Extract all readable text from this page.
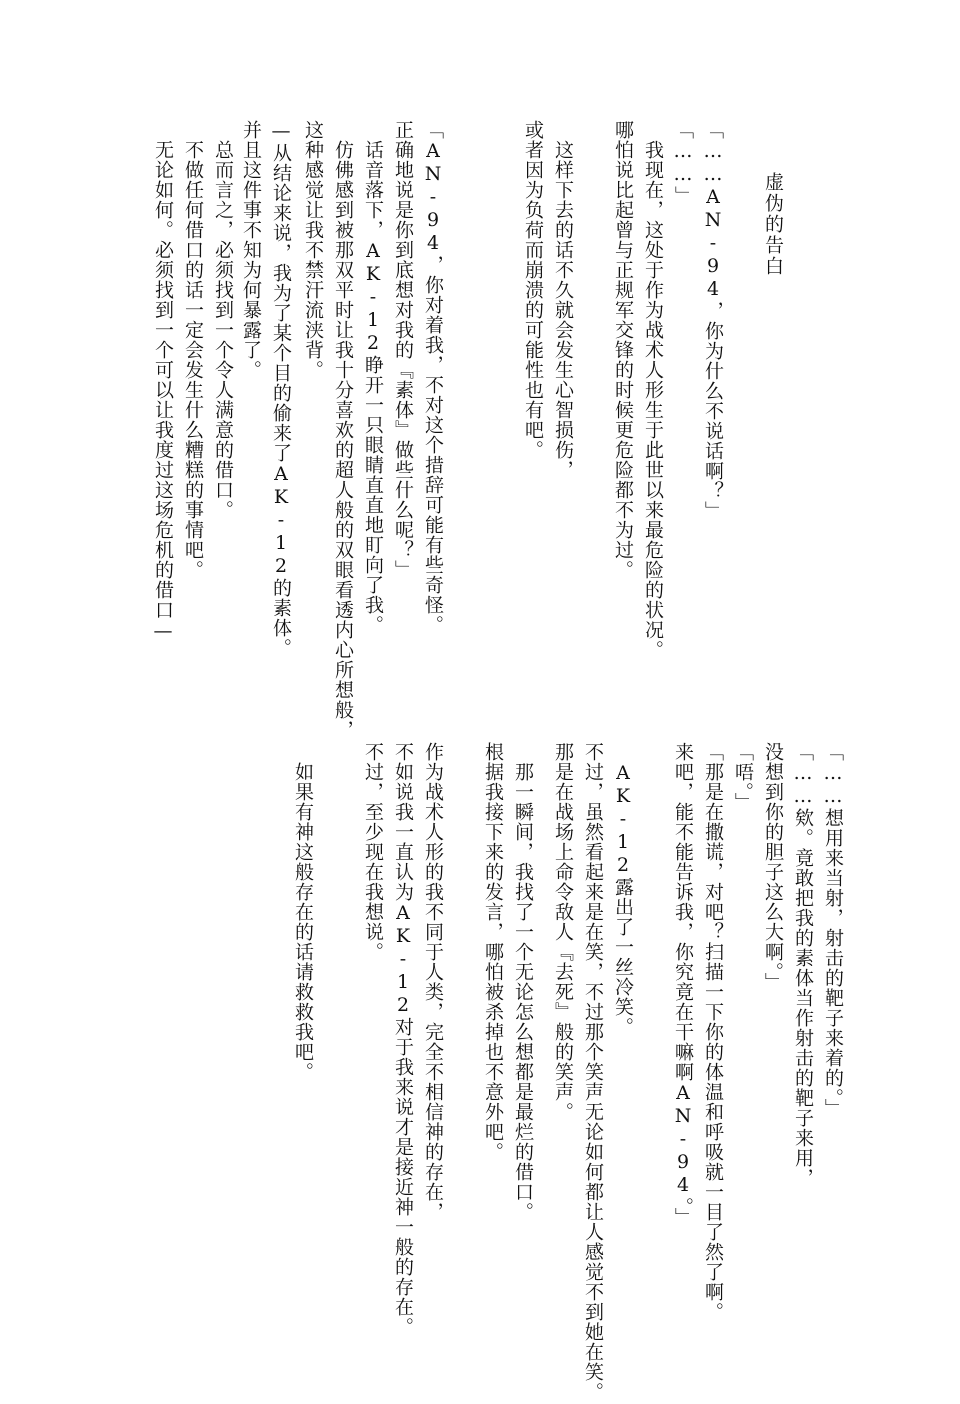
虚伪的告白
「……AN-94，你为什么不说话啊？」
「……」
　我现在，这处于作为战术人形生于此世以来最危险的状况。
哪怕说比起曾与正规军交锋的时候更危险都不为过。
　这样下去的话不久就会发生心智损伤，
或者因为负荷而崩溃的可能性也有吧。
「AN-94，你对着我，不对这个措辞可能有些奇怪。
正确地说是你到底想对我的『素体』做些什么呢？」
　话音落下，AK-12睁开一只眼睛直直地盯向了我。
　仿佛感到被那双平时让我十分喜欢的超人般的双眼看透内心所想般，
这种感觉让我不禁汗流浃背。
—从结论来说，我为了某个目的偷来了AK-12的素体。
并且这件事不知为何暴露了。
　总而言之，必须找到一个令人满意的借口。
　不做任何借口的话一定会发生什么糟糕的事情吧。
　无论如何。必须找到一个可以让我度过这场危机的借口—
「……想用来当射，射击的靶子来着的。」
「……欸。竟敢把我的素体当作射击的靶子来用，
没想到你的胆子这么大啊。」
「唔。」
「那是在撒谎，对吧？扫描一下你的体温和呼吸就一目了然了啊。
来吧，能不能告诉我，你究竟在干嘛啊AN-94。」
　AK-12露出了一丝冷笑。
不过，虽然看起来是在笑，不过那个笑声无论如何都让人感觉不到她在笑。
那是在战场上命令敌人『去死』般的笑声。
　那一瞬间，我找了一个无论怎么想都是最烂的借口。
根据我接下来的发言，哪怕被杀掉也不意外吧。
作为战术人形的我不同于人类，完全不相信神的存在，
不如说我一直认为AK-12对于我来说才是接近神一般的存在。
不过，至少现在我想说。
　如果有神这般存在的话请救救我吧。
